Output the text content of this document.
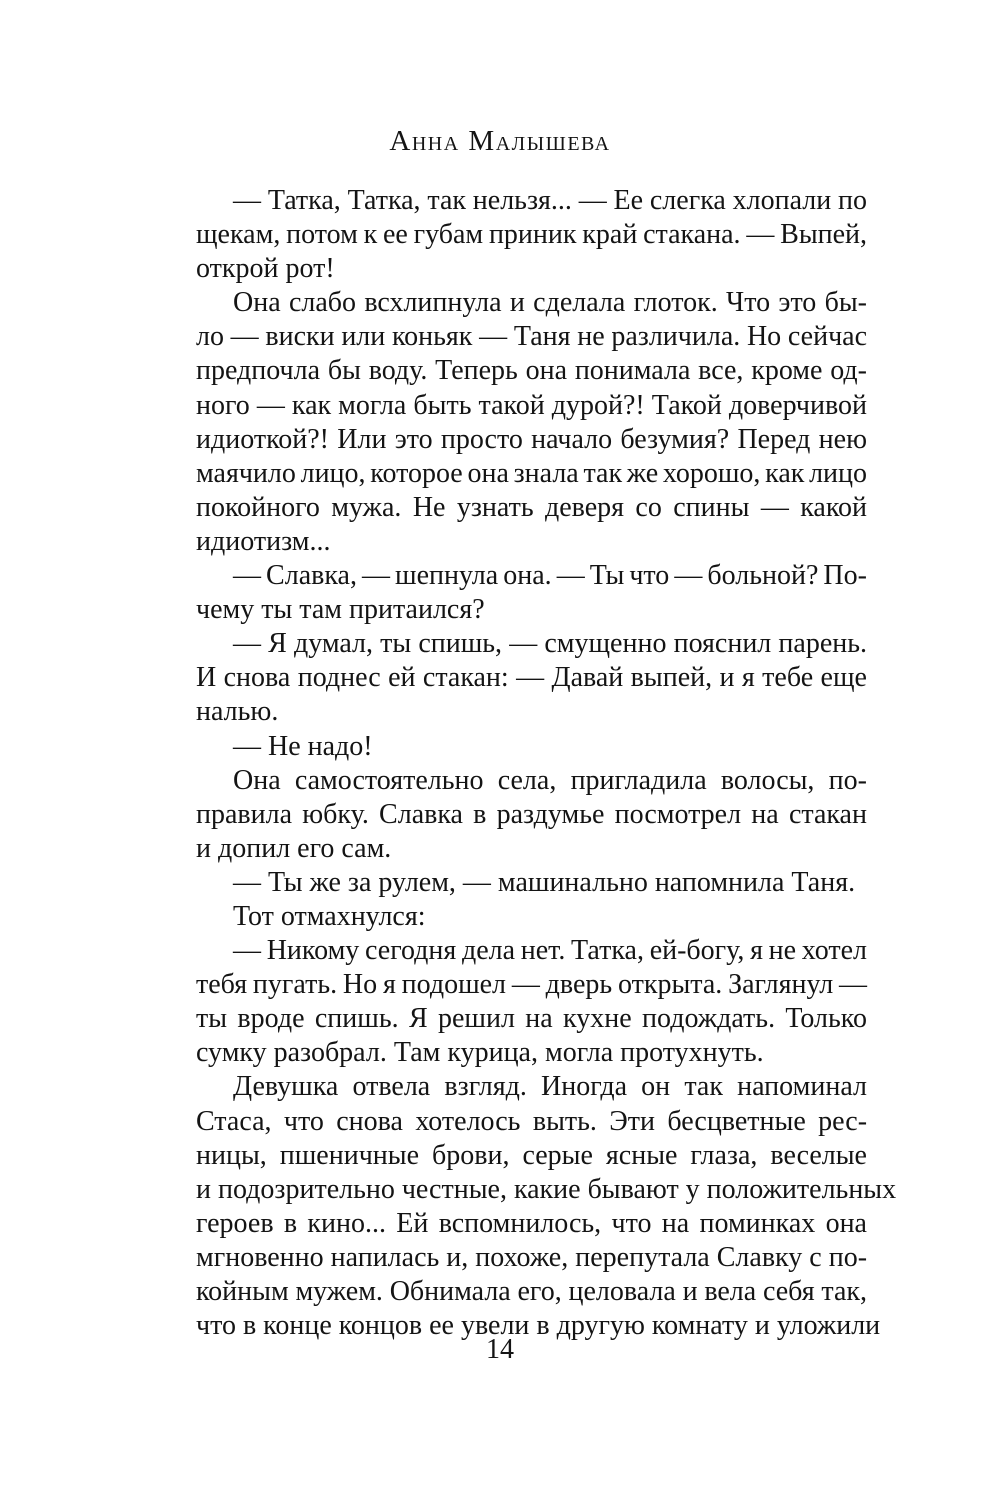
Анна Малышева
— Татка, Татка, так нельзя... — Ее слегка хлопали по
щекам, потом к ее губам приник край стакана. — Выпей,
открой рот!
Она слабо всхлипнула и сделала глоток. Что это бы-
ло — виски или коньяк — Таня не различила. Но сейчас
предпочла бы воду. Теперь она понимала все, кроме од-
ного — как могла быть такой дурой?! Такой доверчивой
идиоткой?! Или это просто начало безумия? Перед нею
маячило лицо, которое она знала так же хорошо, как лицо
покойного мужа. Не узнать деверя со спины — какой
идиотизм...
— Славка, — шепнула она. — Ты что — больной? По-
чему ты там притаился?
— Я думал, ты спишь, — смущенно пояснил парень.
И снова поднес ей стакан: — Давай выпей, и я тебе еще
налью.
— Не надо!
Она самостоятельно села, пригладила волосы, по-
правила юбку. Славка в раздумье посмотрел на стакан
и допил его сам.
— Ты же за рулем, — машинально напомнила Таня.
Тот отмахнулся:
— Никому сегодня дела нет. Татка, ей-богу, я не хотел
тебя пугать. Но я подошел — дверь открыта. Заглянул —
ты вроде спишь. Я решил на кухне подождать. Только
сумку разобрал. Там курица, могла протухнуть.
Девушка отвела взгляд. Иногда он так напоминал
Стаса, что снова хотелось выть. Эти бесцветные рес-
ницы, пшеничные брови, серые ясные глаза, веселые
и подозрительно честные, какие бывают у положительных
героев в кино... Ей вспомнилось, что на поминках она
мгновенно напилась и, похоже, перепутала Славку с по-
койным мужем. Обнимала его, целовала и вела себя так,
что в конце концов ее увели в другую комнату и уложили
14
